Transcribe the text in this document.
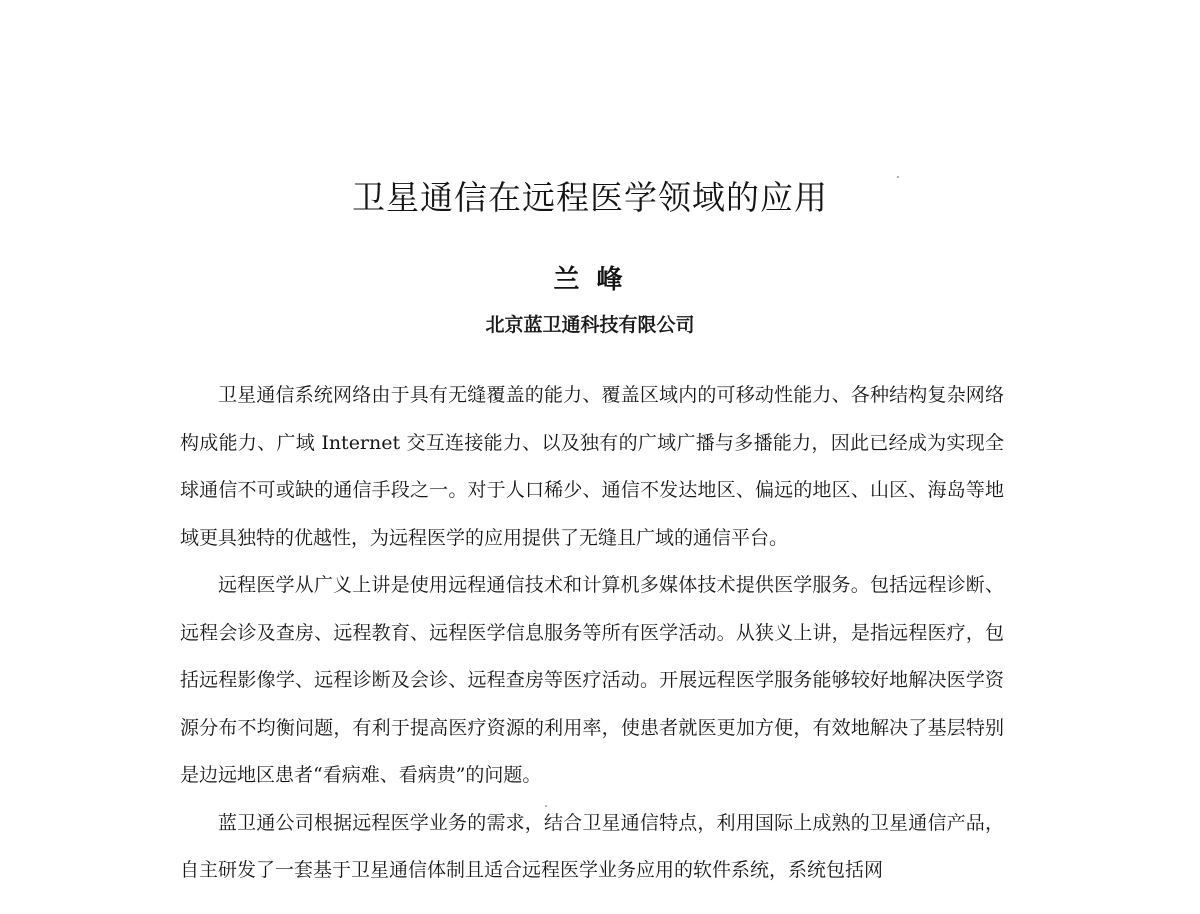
卫星通信在远程医学领域的应用
兰 峰
北京蓝卫通科技有限公司

卫星通信系统网络由于具有无缝覆盖的能力、覆盖区域内的可移动性能力、各种结构复杂网络构成能力、广域 Internet 交互连接能力、以及独有的广域广播与多播能力，因此已经成为实现全球通信不可或缺的通信手段之一。对于人口稀少、通信不发达地区、偏远的地区、山区、海岛等地域更具独特的优越性，为远程医学的应用提供了无缝且广域的通信平台。

远程医学从广义上讲是使用远程通信技术和计算机多媒体技术提供医学服务。包括远程诊断、远程会诊及查房、远程教育、远程医学信息服务等所有医学活动。从狭义上讲，是指远程医疗，包括远程影像学、远程诊断及会诊、远程查房等医疗活动。开展远程医学服务能够较好地解决医学资源分布不均衡问题，有利于提高医疗资源的利用率，使患者就医更加方便，有效地解决了基层特别是边远地区患者“看病难、看病贵”的问题。

蓝卫通公司根据远程医学业务的需求，结合卫星通信特点，利用国际上成熟的卫星通信产品，自主研发了一套基于卫星通信体制且适合远程医学业务应用的软件系统，系统包括网
